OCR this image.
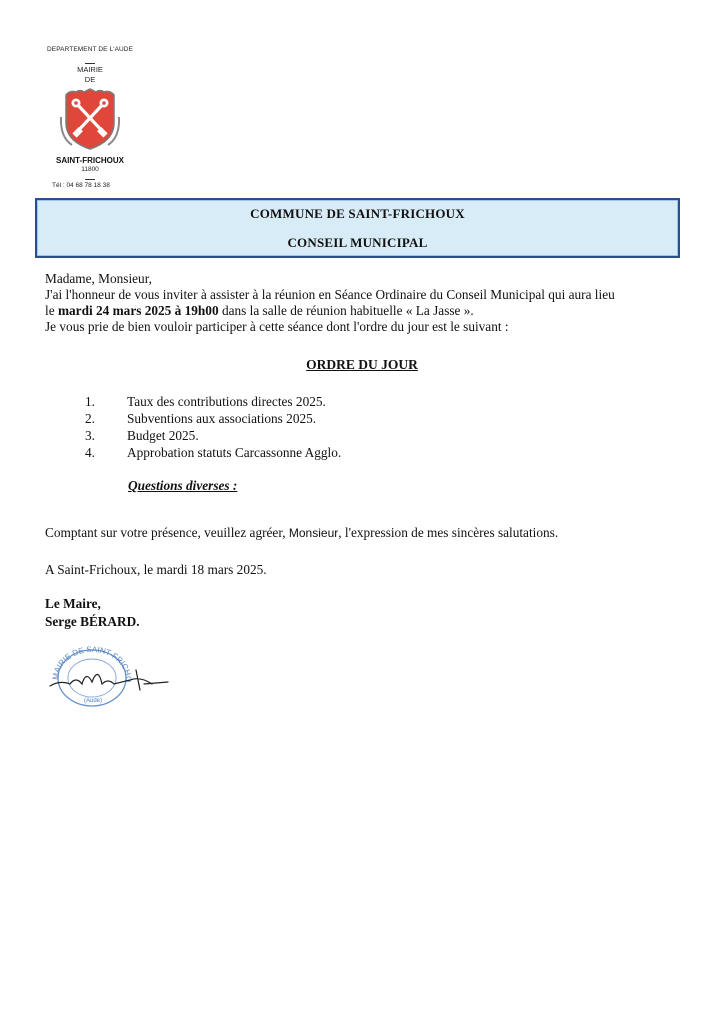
DEPARTEMENT DE L'AUDE
MAIRIE
DE
SAINT-FRICHOUX
11800
Tél : 04 68 78 18 38
COMMUNE DE SAINT-FRICHOUX
CONSEIL MUNICIPAL

Madame, Monsieur,

J'ai l'honneur de vous inviter à assister à la réunion en Séance Ordinaire du Conseil Municipal qui aura lieu

le mardi 24 mars 2025 à 19h00 dans la salle de réunion habituelle « La Jasse ».

Je vous prie de bien vouloir participer à cette séance dont l'ordre du jour est le suivant :

ORDRE DU JOUR
1.	Taux des contributions directes 2025.
2.	Subventions aux associations 2025.
3.	Budget 2025.
4.	Approbation statuts Carcassonne Agglo.
Questions diverses :
Comptant sur votre présence, veuillez agréer, Monsieur, l'expression de mes sincères salutations.
A Saint-Frichoux, le mardi 18 mars 2025.
Le Maire,
Serge BÉRARD.
MAIRIE DE SAINT-FRICHO
(Aude)
